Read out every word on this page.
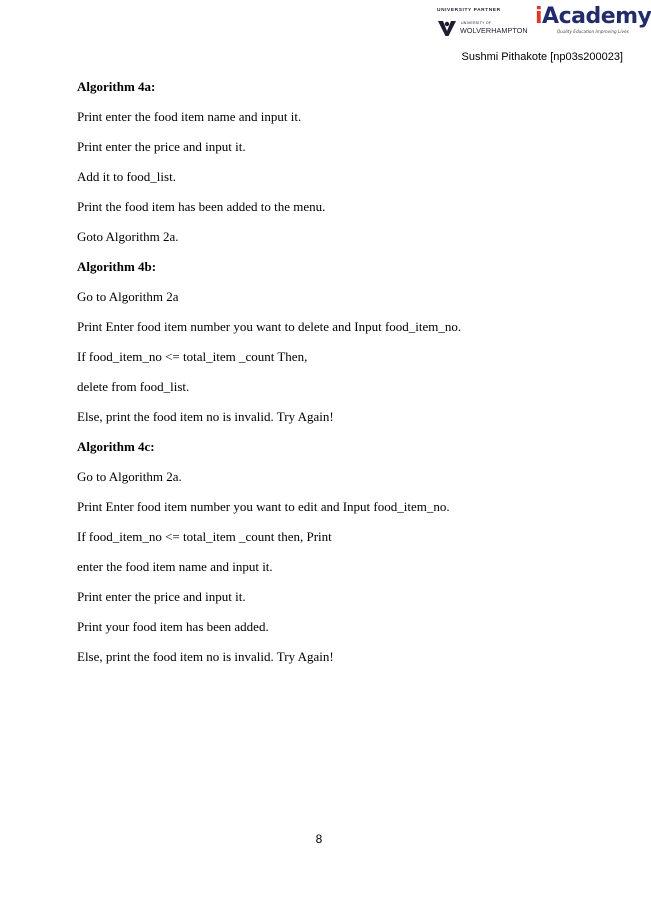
UNIVERSITY PARTNER
UNIVERSITY OF
WOLVERHAMPTON
iAcademy
Quality Education Improving Lives
Sushmi Pithakote [np03s200023]
Algorithm 4a:
Print enter the food item name and input it.
Print enter the price and input it.
Add it to food_list.
Print the food item has been added to the menu.
Goto Algorithm 2a.
Algorithm 4b:
Go to Algorithm 2a
Print Enter food item number you want to delete and Input food_item_no.
If food_item_no <= total_item _count Then,
delete from food_list.
Else, print the food item no is invalid. Try Again!
Algorithm 4c:
Go to Algorithm 2a.
Print Enter food item number you want to edit and Input food_item_no.
If food_item_no <= total_item _count then, Print
enter the food item name and input it.
Print enter the price and input it.
Print your food item has been added.
Else, print the food item no is invalid. Try Again!
8
